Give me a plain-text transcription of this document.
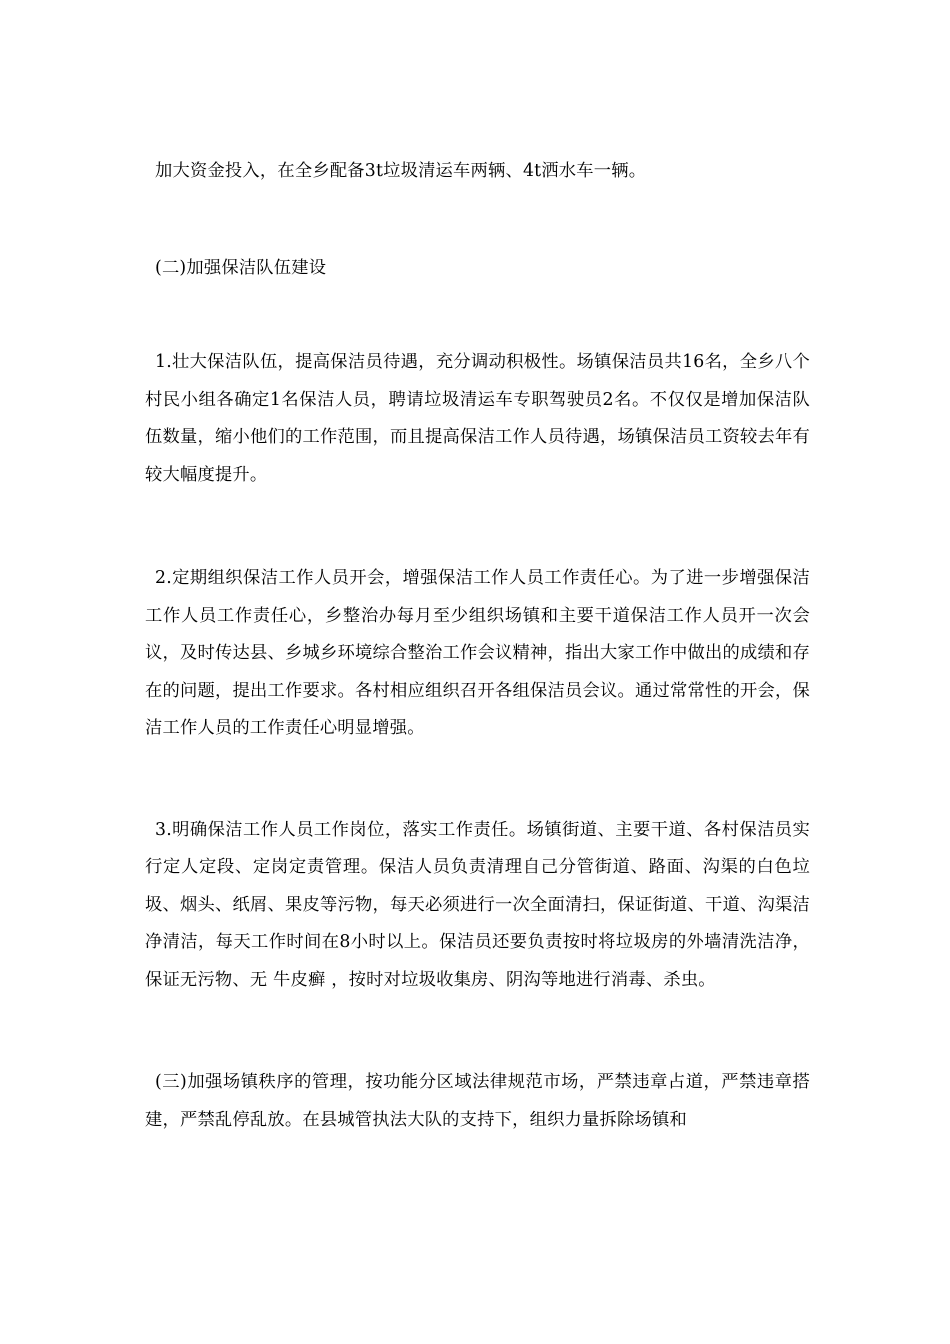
加大资金投入，在全乡配备3t垃圾清运车两辆、4t洒水车一辆。

(二)加强保洁队伍建设

1.壮大保洁队伍，提高保洁员待遇，充分调动积极性。场镇保洁员共16名，全乡八个村民小组各确定1名保洁人员，聘请垃圾清运车专职驾驶员2名。不仅仅是增加保洁队伍数量，缩小他们的工作范围，而且提高保洁工作人员待遇，场镇保洁员工资较去年有较大幅度提升。

2.定期组织保洁工作人员开会，增强保洁工作人员工作责任心。为了进一步增强保洁工作人员工作责任心，乡整治办每月至少组织场镇和主要干道保洁工作人员开一次会议，及时传达县、乡城乡环境综合整治工作会议精神，指出大家工作中做出的成绩和存在的问题，提出工作要求。各村相应组织召开各组保洁员会议。通过常常性的开会，保洁工作人员的工作责任心明显增强。

3.明确保洁工作人员工作岗位，落实工作责任。场镇街道、主要干道、各村保洁员实行定人定段、定岗定责管理。保洁人员负责清理自己分管街道、路面、沟渠的白色垃圾、烟头、纸屑、果皮等污物，每天必须进行一次全面清扫，保证街道、干道、沟渠洁净清洁，每天工作时间在8小时以上。保洁员还要负责按时将垃圾房的外墙清洗洁净，保证无污物、无 牛皮癣 ，按时对垃圾收集房、阴沟等地进行消毒、杀虫。

(三)加强场镇秩序的管理，按功能分区域法律规范市场，严禁违章占道，严禁违章搭建，严禁乱停乱放。在县城管执法大队的支持下，组织力量拆除场镇和
